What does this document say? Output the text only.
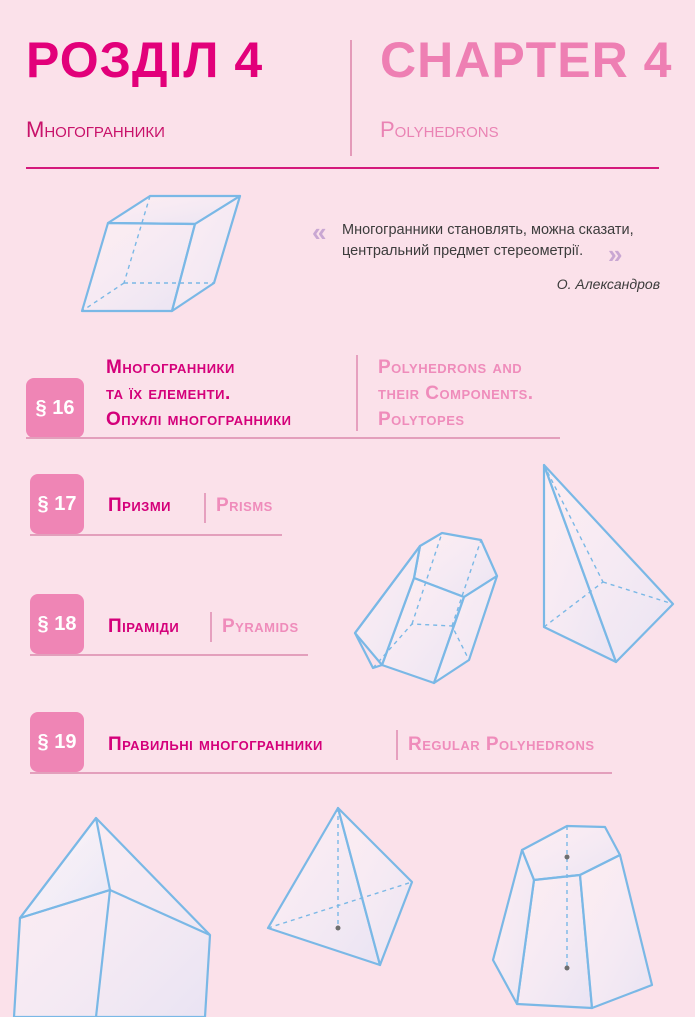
РОЗДІЛ 4 CHAPTER 4
Многогранники	Polyhedrons
« Многогранники становлять, можна сказати,
центральний предмет стереометрії. »
О. Александров
§ 16
Многогранники
та їх елементи.
Опуклі многогранники
Polyhedrons and
their Components.
Polytopes
§ 17	Призми Prisms
§ 18	Піраміди Pyramids
§ 19	Правильні многогранники	Regular Polyhedrons
